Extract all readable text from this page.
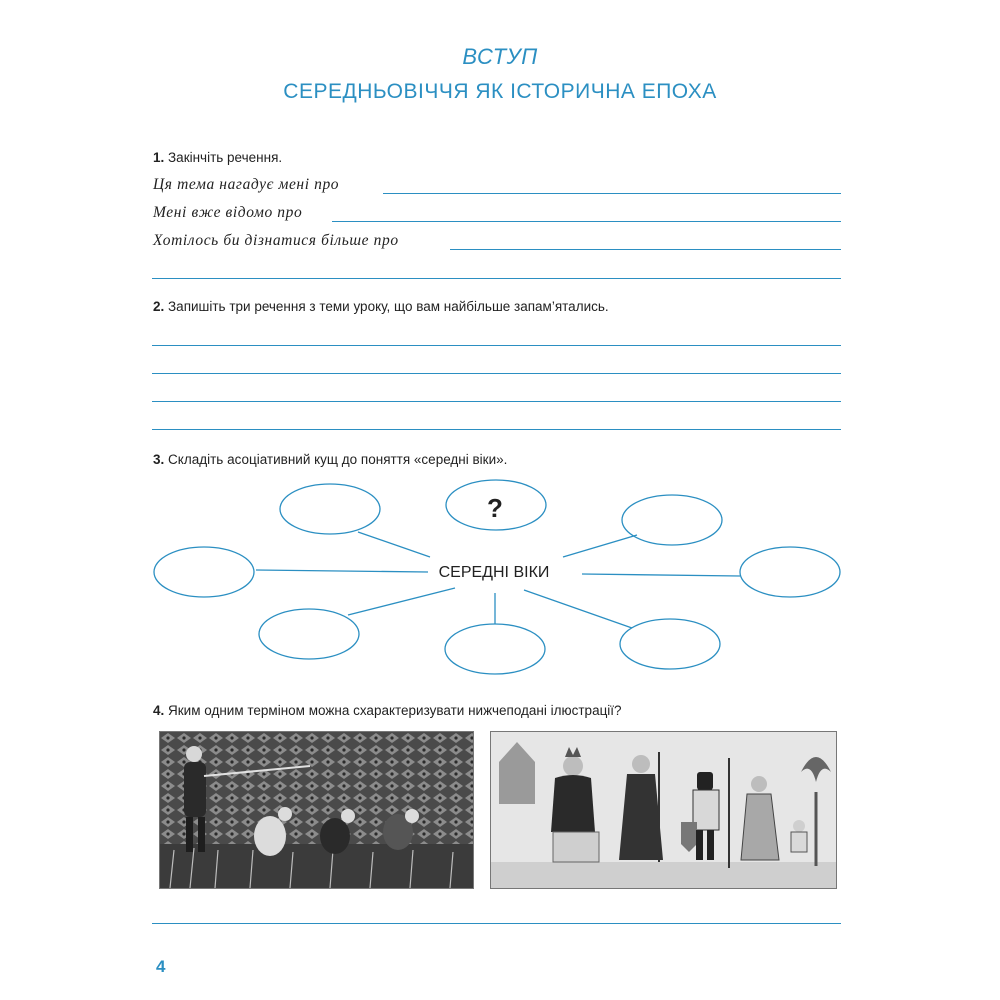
ВСТУП
СЕРЕДНЬОВІЧЧЯ ЯК ІСТОРИЧНА ЕПОХА
1. Закінчіть речення.
Ця тема нагадує мені про
Мені вже відомо про
Хотілось би дізнатися більше про
2. Запишіть три речення з теми уроку, що вам найбільше запам’ятались.
3. Складіть асоціативний кущ до поняття «середні віки».
?
СЕРЕДНІ ВІКИ
4. Яким одним терміном можна схарактеризувати нижчеподані ілюстрації?
4
